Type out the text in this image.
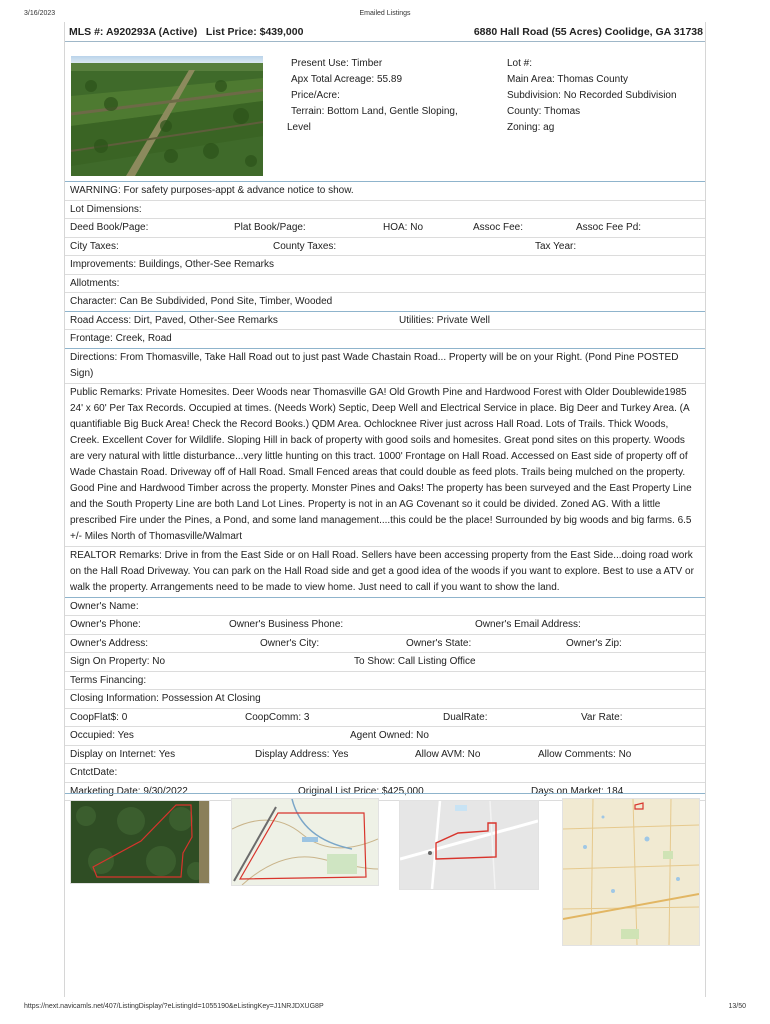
3/16/2023	Emailed Listings
MLS #: A920293A (Active)   List Price: $439,000	6880 Hall Road (55 Acres) Coolidge, GA 31738
Present Use: Timber
Apx Total Acreage: 55.89
Price/Acre:
Terrain: Bottom Land, Gentle Sloping,
Level
Lot #:
Main Area: Thomas County
Subdivision: No Recorded Subdivision
County: Thomas
Zoning: ag
WARNING: For safety purposes-appt & advance notice to show.
Lot Dimensions:
Deed Book/Page:	Plat Book/Page:	HOA: No	Assoc Fee:	Assoc Fee Pd:
City Taxes:	County Taxes:	Tax Year:
Improvements: Buildings, Other-See Remarks
Allotments:
Character: Can Be Subdivided, Pond Site, Timber, Wooded
Road Access: Dirt, Paved, Other-See Remarks	Utilities: Private Well
Frontage: Creek, Road
Directions: From Thomasville, Take Hall Road out to just past Wade Chastain Road... Property will be on your Right. (Pond Pine POSTED Sign)
Public Remarks: Private Homesites. Deer Woods near Thomasville GA! Old Growth Pine and Hardwood Forest with Older Doublewide1985 24' x 60' Per Tax Records. Occupied at times. (Needs Work) Septic, Deep Well and Electrical Service in place. Big Deer and Turkey Area. (A quantifiable Big Buck Area! Check the Record Books.) QDM Area. Ochlocknee River just across Hall Road. Lots of Trails. Thick Woods, Creek. Excellent Cover for Wildlife. Sloping Hill in back of property with good soils and homesites. Great pond sites on this property. Woods are very natural with little disturbance...very little hunting on this tract. 1000' Frontage on Hall Road. Accessed on East side of property off of Wade Chastain Road. Driveway off of Hall Road. Small Fenced areas that could double as feed plots. Trails being mulched on the property. Good Pine and Hardwood Timber across the property. Monster Pines and Oaks! The property has been surveyed and the East Property Line and the South Property Line are both Land Lot Lines. Property is not in an AG Covenant so it could be divided. Zoned AG. With a little prescribed Fire under the Pines, a Pond, and some land management....this could be the place! Surrounded by big woods and big farms. 6.5 +/- Miles North of Thomasville/Walmart
REALTOR Remarks: Drive in from the East Side or on Hall Road. Sellers have been accessing property from the East Side...doing road work on the Hall Road Driveway. You can park on the Hall Road side and get a good idea of the woods if you want to explore. Best to use a ATV or walk the property. Arrangements need to be made to view home. Just need to call if you want to show the land.
Owner's Name:
Owner's Phone:	Owner's Business Phone:	Owner's Email Address:
Owner's Address:	Owner's City:	Owner's State:	Owner's Zip:
Sign On Property: No	To Show: Call Listing Office
Terms Financing:
Closing Information: Possession At Closing
CoopFlat$: 0	CoopComm: 3	DualRate:	Var Rate:
Occupied: Yes	Agent Owned: No
Display on Internet: Yes	Display Address: Yes	Allow AVM: No	Allow Comments: No
CntctDate:
Marketing Date: 9/30/2022	Original List Price: $425,000	Days on Market: 184
https://next.navicamls.net/407/ListingDisplay/?eListingId=1055190&eListingKey=J1NRJDXUG8P	13/50
